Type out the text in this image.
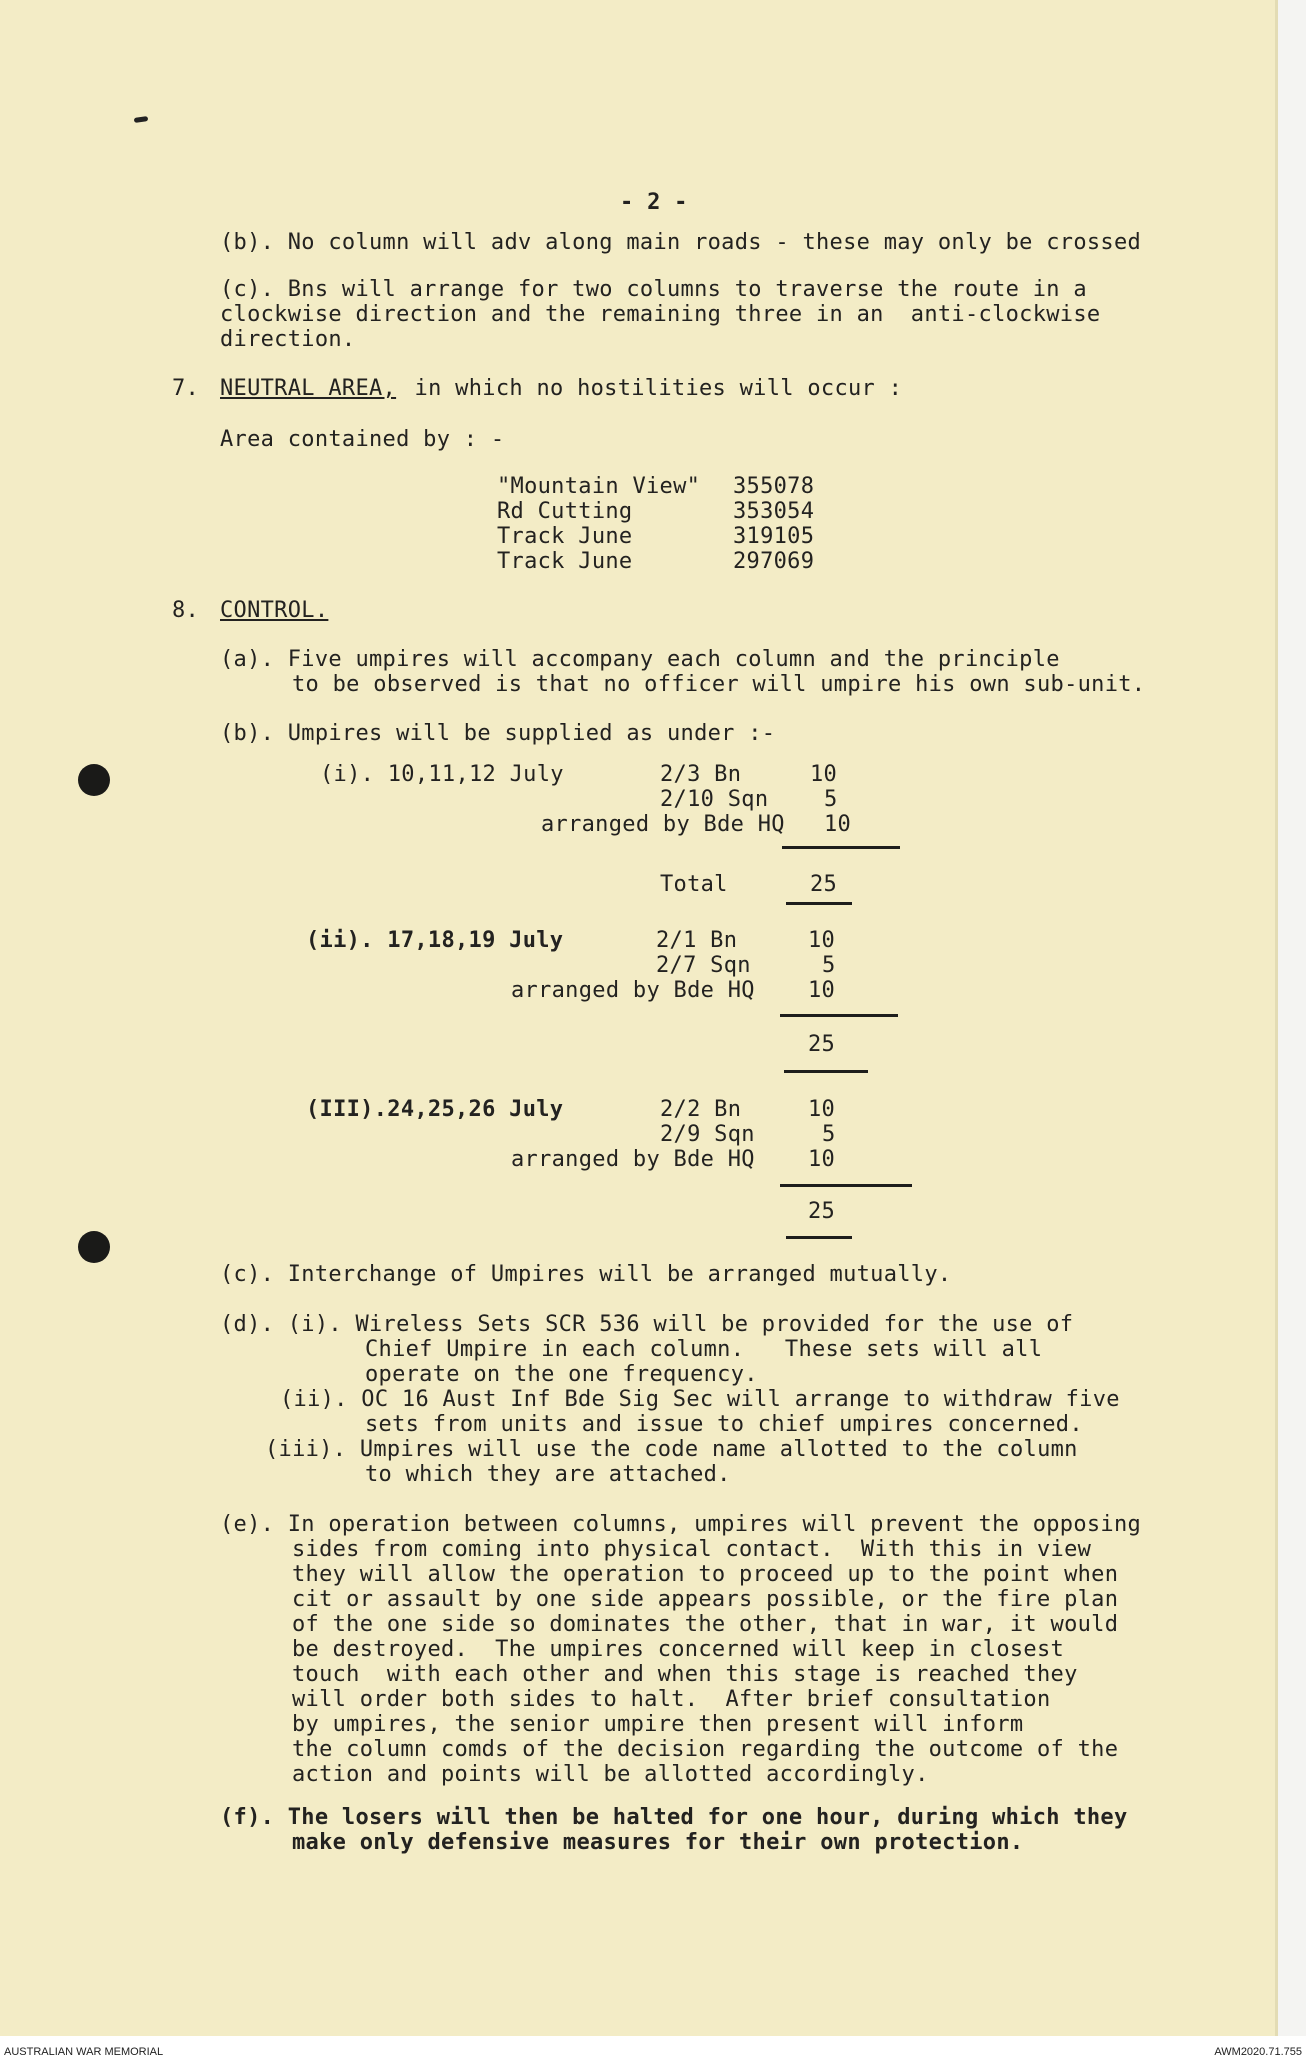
- 2 -
(b). No column will adv along main roads - these may only be crossed
(c). Bns will arrange for two columns to traverse the route in a
clockwise direction and the remaining three in an  anti-clockwise
direction.
7. NEUTRAL AREA, in which no hostilities will occur :
Area contained by : -
"Mountain View" 355078
Rd Cutting	353054
Track June	319105
Track June	297069
8. CONTROL.
(a). Five umpires will accompany each column and the principle
to be observed is that no officer will umpire his own sub-unit.
(b). Umpires will be supplied as under :-
(i). 10,11,12 July	2/3 Bn	10
2/10 Sqn	5
arranged by Bde HQ 10
Total	25
(ii). 17,18,19 July	2/1 Bn	10
2/7 Sqn	5
arranged by Bde HQ 10
25
(III).24,25,26 July	2/2 Bn	10
2/9 Sqn	5
arranged by Bde HQ 10
25
(c). Interchange of Umpires will be arranged mutually.
(d). (i). Wireless Sets SCR 536 will be provided for the use of
Chief Umpire in each column.   These sets will all
operate on the one frequency.
(ii). OC 16 Aust Inf Bde Sig Sec will arrange to withdraw five
sets from units and issue to chief umpires concerned.
(iii). Umpires will use the code name allotted to the column
to which they are attached.
(e). In operation between columns, umpires will prevent the opposing
sides from coming into physical contact.  With this in view
they will allow the operation to proceed up to the point when
cit or assault by one side appears possible, or the fire plan
of the one side so dominates the other, that in war, it would
be destroyed.  The umpires concerned will keep in closest
touch  with each other and when this stage is reached they
will order both sides to halt.  After brief consultation
by umpires, the senior umpire then present will inform
the column comds of the decision regarding the outcome of the
action and points will be allotted accordingly.
(f). The losers will then be halted for one hour, during which they
make only defensive measures for their own protection.
AUSTRALIAN WAR MEMORIAL	AWM2020.71.755
